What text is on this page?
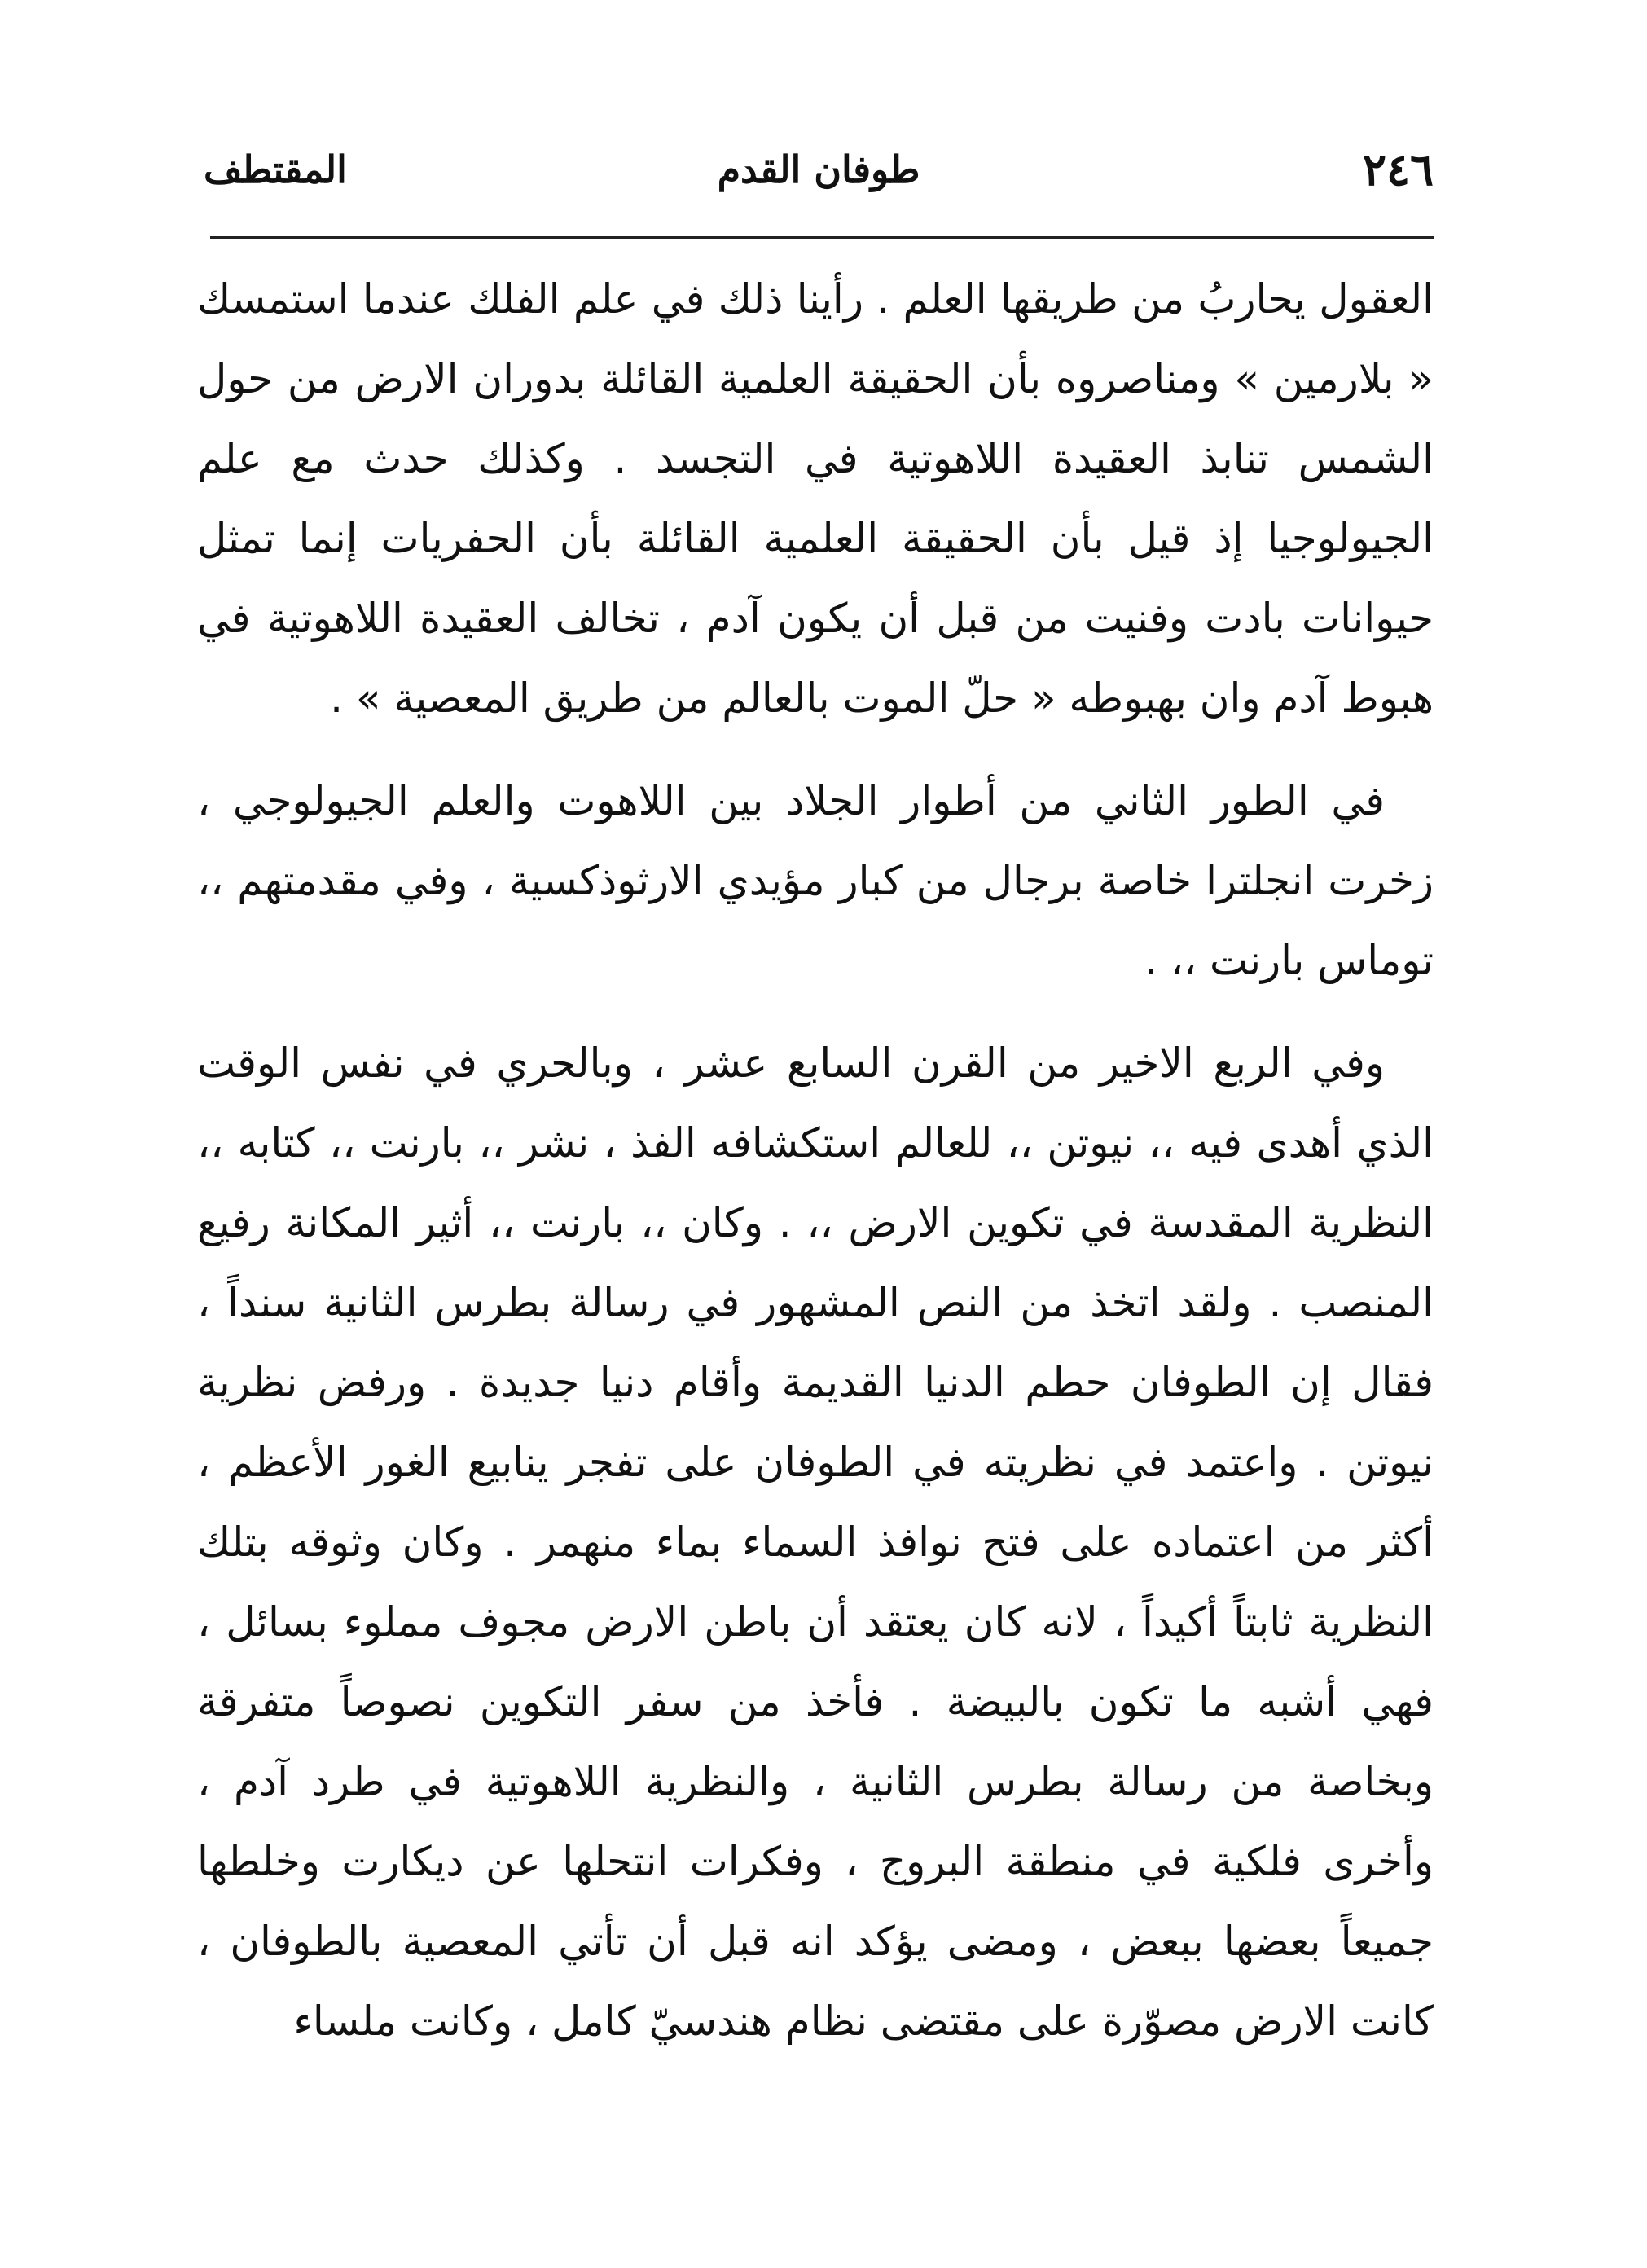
٢٤٦
طوفان القدم
المقتطف

العقول يحاربُ من طريقها العلم . رأينا ذلك في علم الفلك عندما استمسك « بلارمين » ومناصروه بأن الحقيقة العلمية القائلة بدوران الارض من حول الشمس تنابذ العقيدة اللاهوتية في التجسد . وكذلك حدث مع علم الجيولوجيا إذ قيل بأن الحقيقة العلمية القائلة بأن الحفريات إنما تمثل حيوانات بادت وفنيت من قبل أن يكون آدم ، تخالف العقيدة اللاهوتية في هبوط آدم وان بهبوطه « حلّ الموت بالعالم من طريق المعصية » .

في الطور الثاني من أطوار الجلاد بين اللاهوت والعلم الجيولوجي ، زخرت انجلترا خاصة برجال من كبار مؤيدي الارثوذكسية ، وفي مقدمتهم ،، توماس بارنت ،، .

وفي الربع الاخير من القرن السابع عشر ، وبالحري في نفس الوقت الذي أهدى فيه ،، نيوتن ،، للعالم استكشافه الفذ ، نشر ،، بارنت ،، كتابه ،، النظرية المقدسة في تكوين الارض ،، . وكان ،، بارنت ،، أثير المكانة رفيع المنصب . ولقد اتخذ من النص المشهور في رسالة بطرس الثانية سنداً ، فقال إن الطوفان حطم الدنيا القديمة وأقام دنيا جديدة . ورفض نظرية نيوتن . واعتمد في نظريته في الطوفان على تفجر ينابيع الغور الأعظم ، أكثر من اعتماده على فتح نوافذ السماء بماء منهمر . وكان وثوقه بتلك النظرية ثابتاً أكيداً ، لانه كان يعتقد أن باطن الارض مجوف مملوء بسائل ، فهي أشبه ما تكون بالبيضة . فأخذ من سفر التكوين نصوصاً متفرقة وبخاصة من رسالة بطرس الثانية ، والنظرية اللاهوتية في طرد آدم ، وأخرى فلكية في منطقة البروج ، وفكرات انتحلها عن ديكارت وخلطها جميعاً بعضها ببعض ، ومضى يؤكد انه قبل أن تأتي المعصية بالطوفان ، كانت الارض مصوّرة على مقتضى نظام هندسيّ كامل ، وكانت ملساء
